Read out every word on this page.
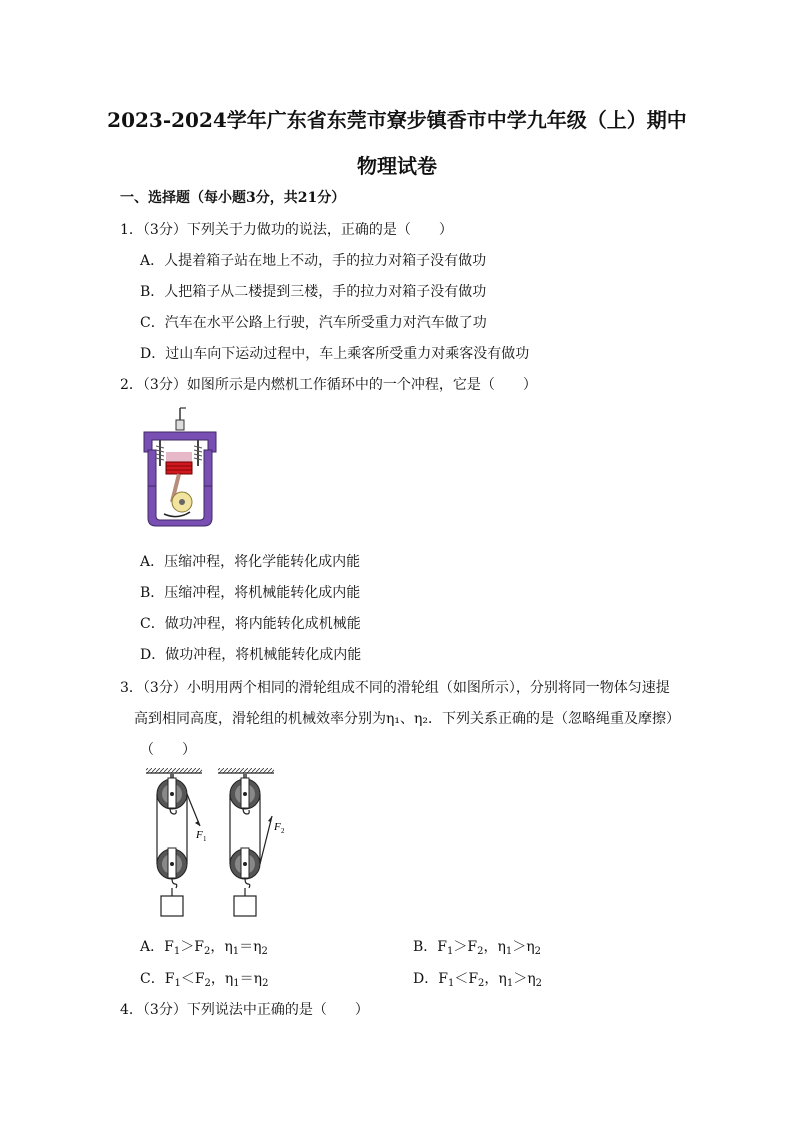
2023-2024学年广东省东莞市寮步镇香市中学九年级（上）期中
物理试卷
一、选择题（每小题3分，共21分）
1．（3分）下列关于力做功的说法，正确的是（　　）
A．人提着箱子站在地上不动，手的拉力对箱子没有做功
B．人把箱子从二楼提到三楼，手的拉力对箱子没有做功
C．汽车在水平公路上行驶，汽车所受重力对汽车做了功
D．过山车向下运动过程中，车上乘客所受重力对乘客没有做功
2．（3分）如图所示是内燃机工作循环中的一个冲程，它是（　　）
A．压缩冲程，将化学能转化成内能
B．压缩冲程，将机械能转化成内能
C．做功冲程，将内能转化成机械能
D．做功冲程，将机械能转化成内能
3．（3分）小明用两个相同的滑轮组成不同的滑轮组（如图所示），分别将同一物体匀速提
高到相同高度，滑轮组的机械效率分别为η₁、η₂．下列关系正确的是（忽略绳重及摩擦）
（　　）
F 1
F 2
A．$F_1>F_2$，$\eta_1=\eta_2$	B．$F_1>F_2$，$\eta_1>\eta_2$
C．$F_1<F_2$，$\eta_1=\eta_2$	D．$F_1<F_2$，$\eta_1>\eta_2$
4．（3分）下列说法中正确的是（　　）
